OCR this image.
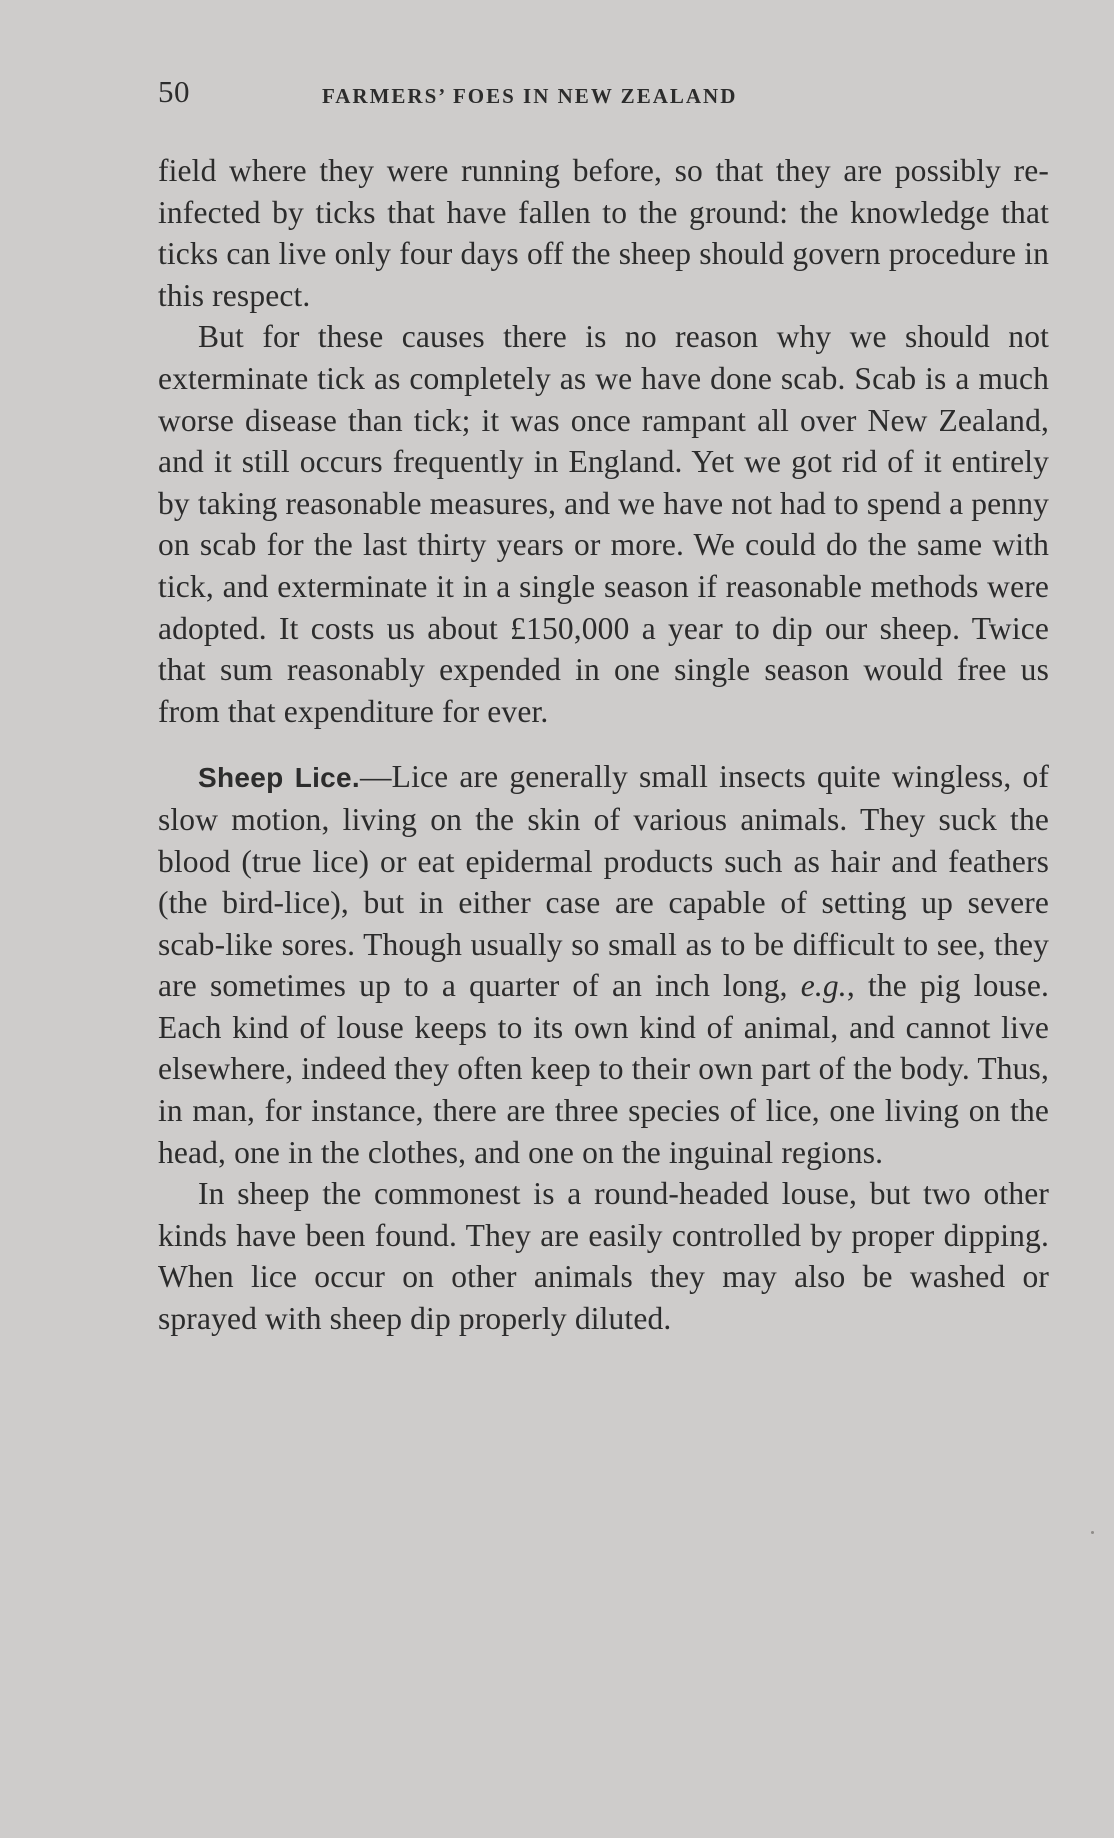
50	FARMERS’ FOES IN NEW ZEALAND

field where they were running before, so that they are possibly re-infected by ticks that have fallen to the ground: the knowledge that ticks can live only four days off the sheep should govern procedure in this respect.

But for these causes there is no reason why we should not exterminate tick as completely as we have done scab. Scab is a much worse disease than tick; it was once rampant all over New Zealand, and it still occurs frequently in England. Yet we got rid of it entirely by taking reasonable measures, and we have not had to spend a penny on scab for the last thirty years or more. We could do the same with tick, and exterminate it in a single season if reasonable methods were adopted. It costs us about £150,000 a year to dip our sheep. Twice that sum reasonably expended in one single season would free us from that expenditure for ever.

Sheep Lice.—Lice are generally small insects quite wingless, of slow motion, living on the skin of various animals. They suck the blood (true lice) or eat epidermal products such as hair and feathers (the bird-lice), but in either case are capable of setting up severe scab-like sores. Though usually so small as to be difficult to see, they are sometimes up to a quarter of an inch long, e.g., the pig louse. Each kind of louse keeps to its own kind of animal, and cannot live elsewhere, indeed they often keep to their own part of the body. Thus, in man, for instance, there are three species of lice, one living on the head, one in the clothes, and one on the inguinal regions.

In sheep the commonest is a round-headed louse, but two other kinds have been found. They are easily controlled by proper dipping. When lice occur on other animals they may also be washed or sprayed with sheep dip properly diluted.
